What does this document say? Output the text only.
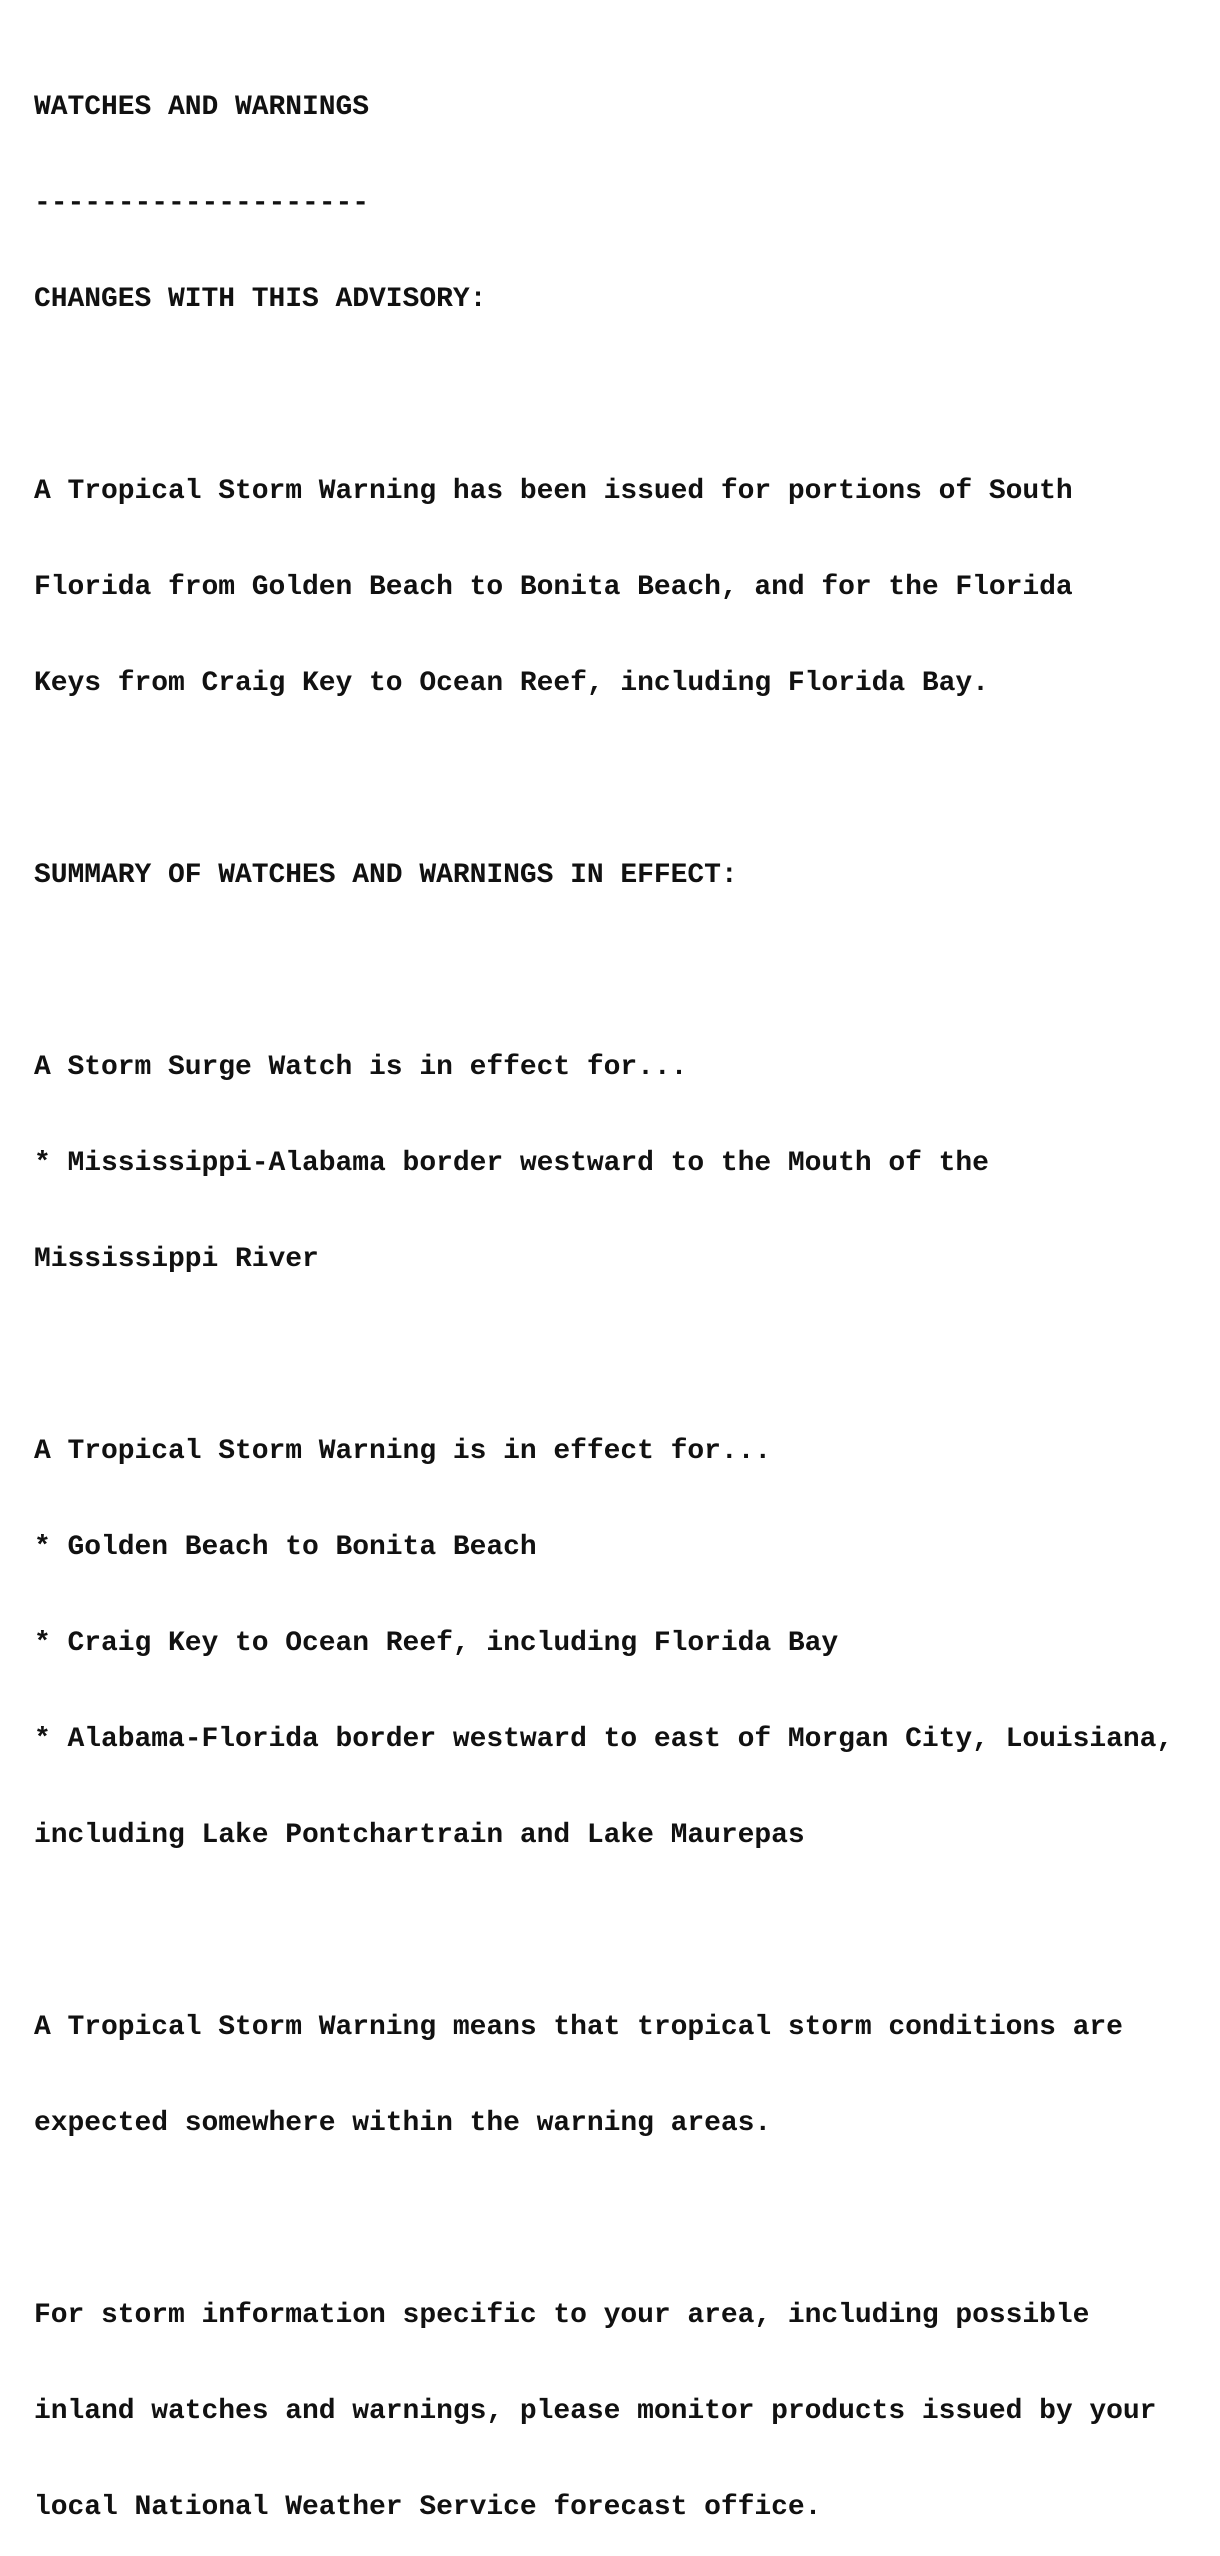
WATCHES AND WARNINGS

--------------------

CHANGES WITH THIS ADVISORY:

A Tropical Storm Warning has been issued for portions of South

Florida from Golden Beach to Bonita Beach, and for the Florida

Keys from Craig Key to Ocean Reef, including Florida Bay.

SUMMARY OF WATCHES AND WARNINGS IN EFFECT:

A Storm Surge Watch is in effect for...

* Mississippi-Alabama border westward to the Mouth of the

Mississippi River

A Tropical Storm Warning is in effect for...

* Golden Beach to Bonita Beach

* Craig Key to Ocean Reef, including Florida Bay

* Alabama-Florida border westward to east of Morgan City, Louisiana,

including Lake Pontchartrain and Lake Maurepas

A Tropical Storm Warning means that tropical storm conditions are

expected somewhere within the warning areas.

For storm information specific to your area, including possible

inland watches and warnings, please monitor products issued by your

local National Weather Service forecast office.
